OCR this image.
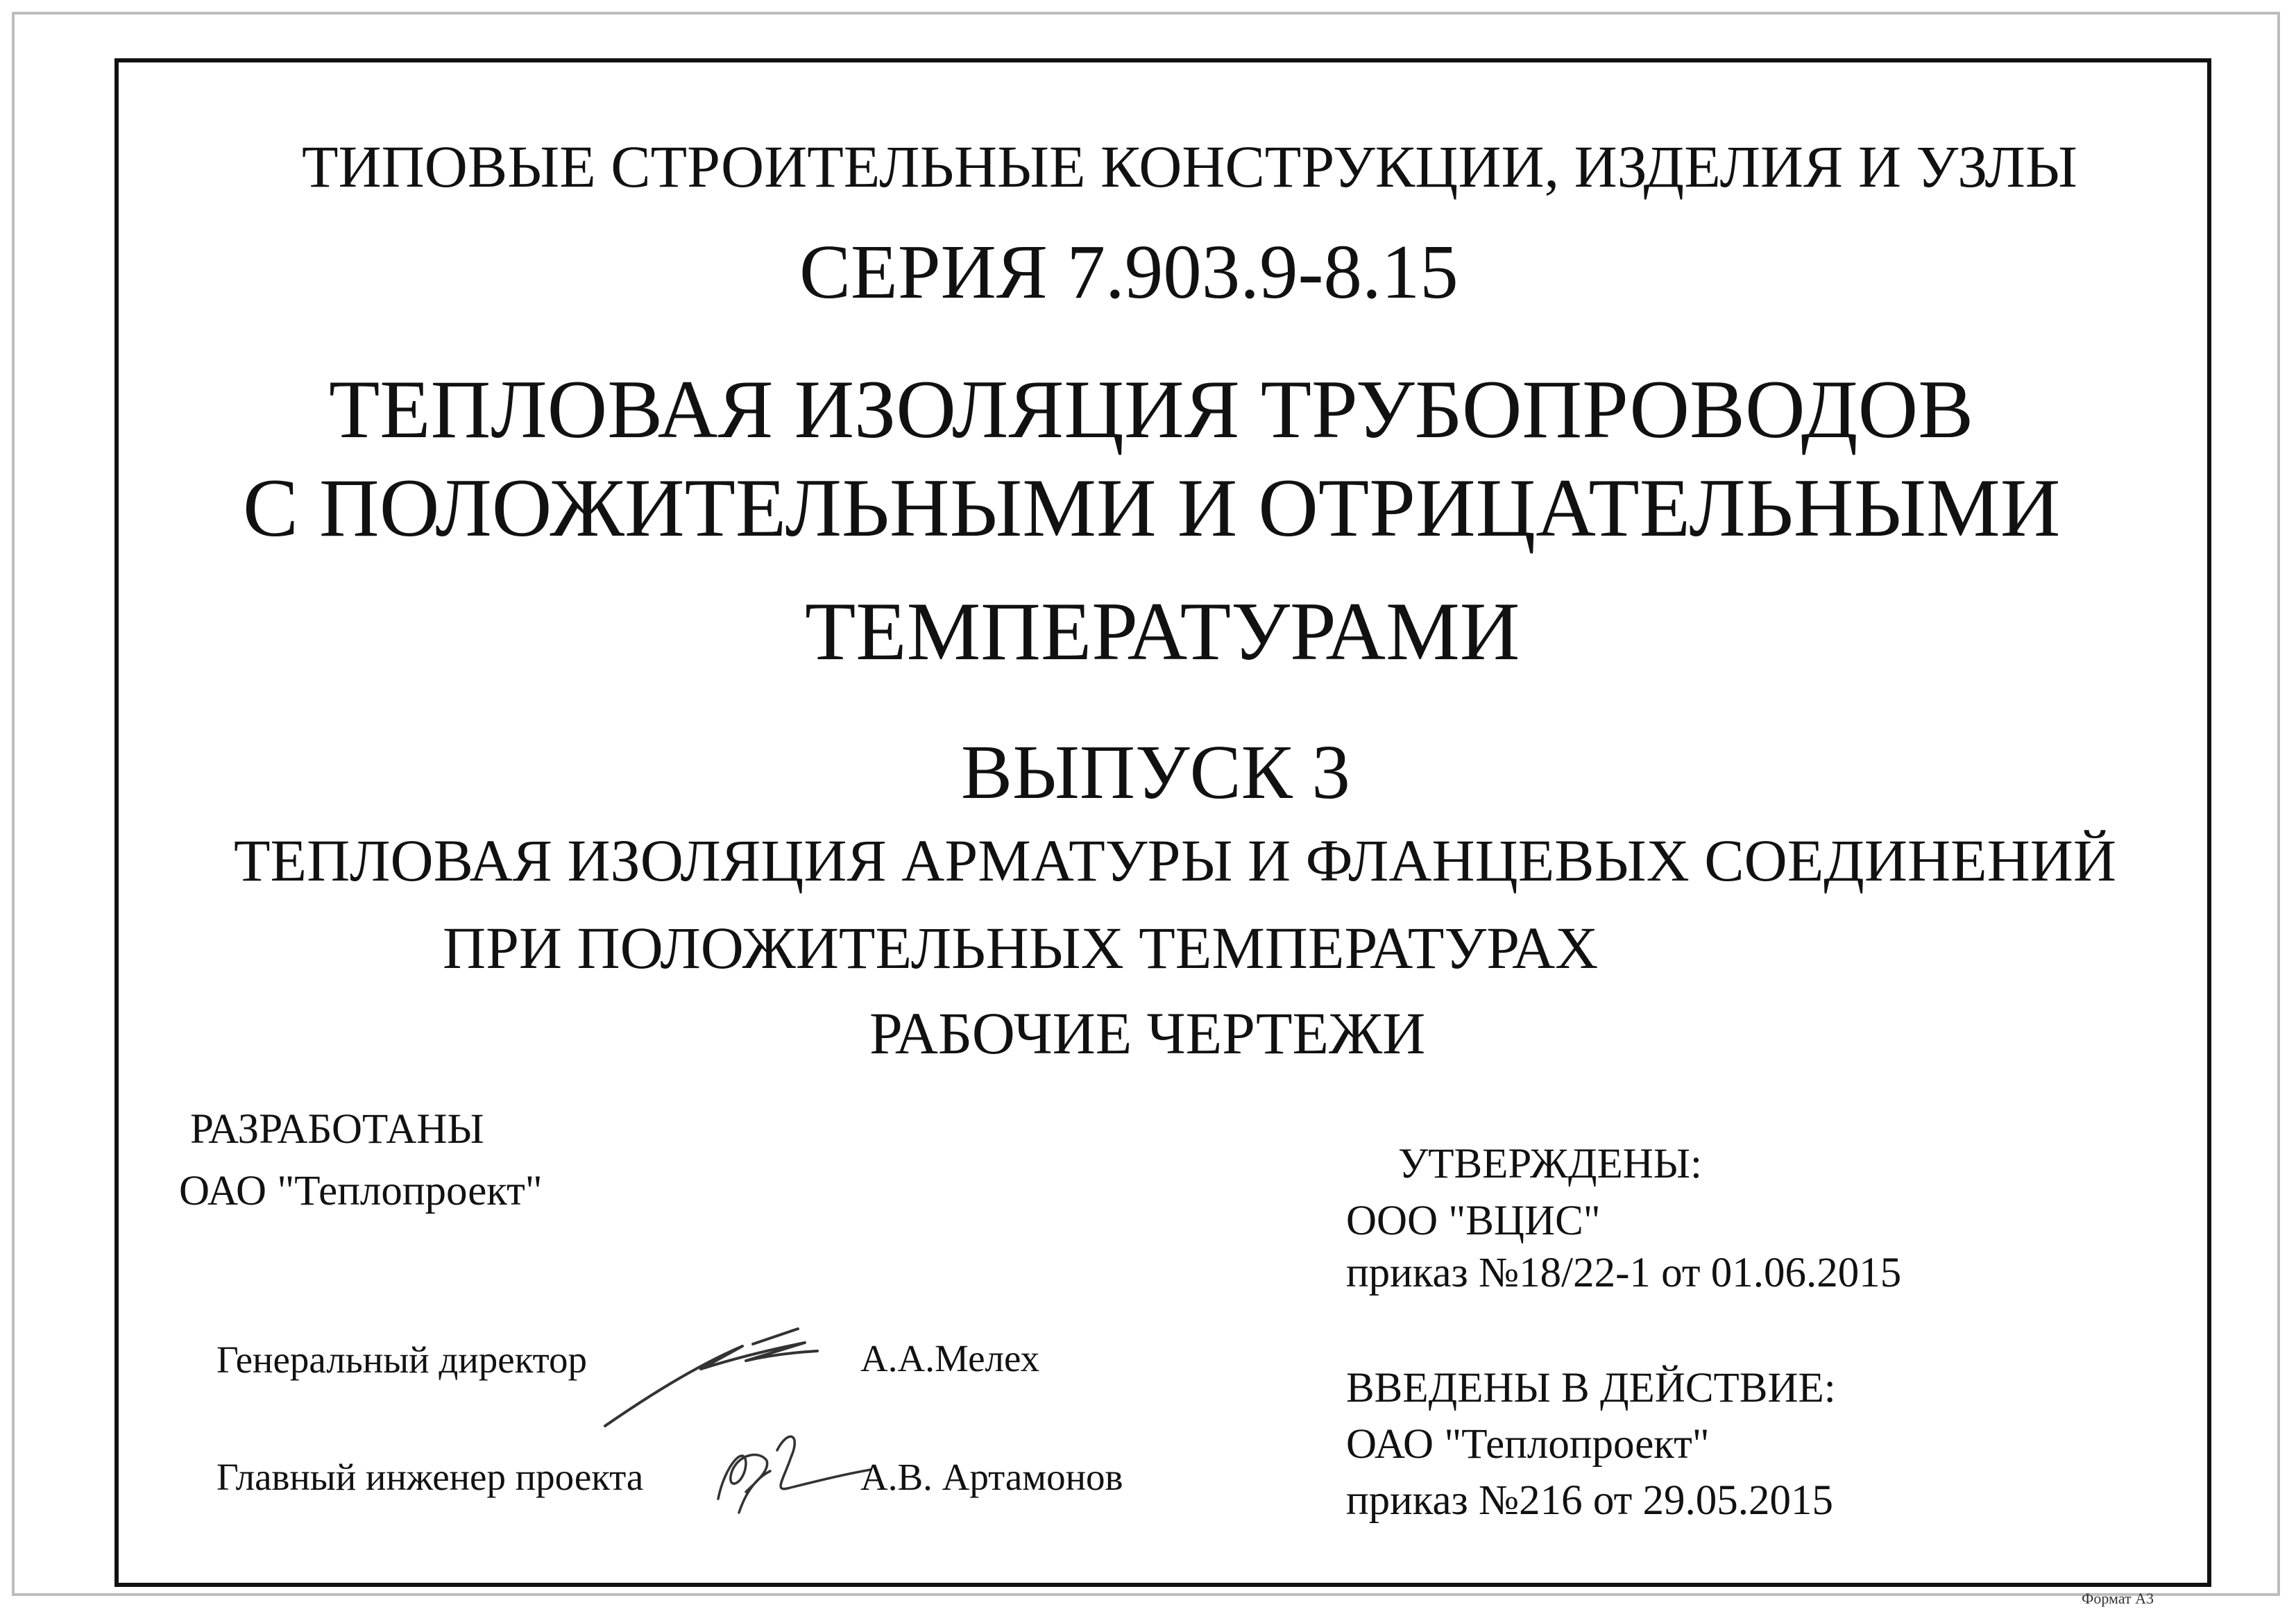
ТИПОВЫЕ СТРОИТЕЛЬНЫЕ КОНСТРУКЦИИ, ИЗДЕЛИЯ И УЗЛЫ
СЕРИЯ 7.903.9-8.15
ТЕПЛОВАЯ ИЗОЛЯЦИЯ ТРУБОПРОВОДОВ
С ПОЛОЖИТЕЛЬНЫМИ И ОТРИЦАТЕЛЬНЫМИ
ТЕМПЕРАТУРАМИ
ВЫПУСК 3
ТЕПЛОВАЯ ИЗОЛЯЦИЯ АРМАТУРЫ И ФЛАНЦЕВЫХ СОЕДИНЕНИЙ
ПРИ ПОЛОЖИТЕЛЬНЫХ ТЕМПЕРАТУРАХ
РАБОЧИЕ ЧЕРТЕЖИ
РАЗРАБОТАНЫ
ОАО "Теплопроект"
УТВЕРЖДЕНЫ:
ООО "ВЦИС"
приказ №18/22-1 от 01.06.2015
ВВЕДЕНЫ В ДЕЙСТВИЕ:
ОАО "Теплопроект"
приказ №216 от 29.05.2015
Генеральный директор	А.А.Мелех
Главный инженер проекта	А.В. Артамонов
Формат А3
